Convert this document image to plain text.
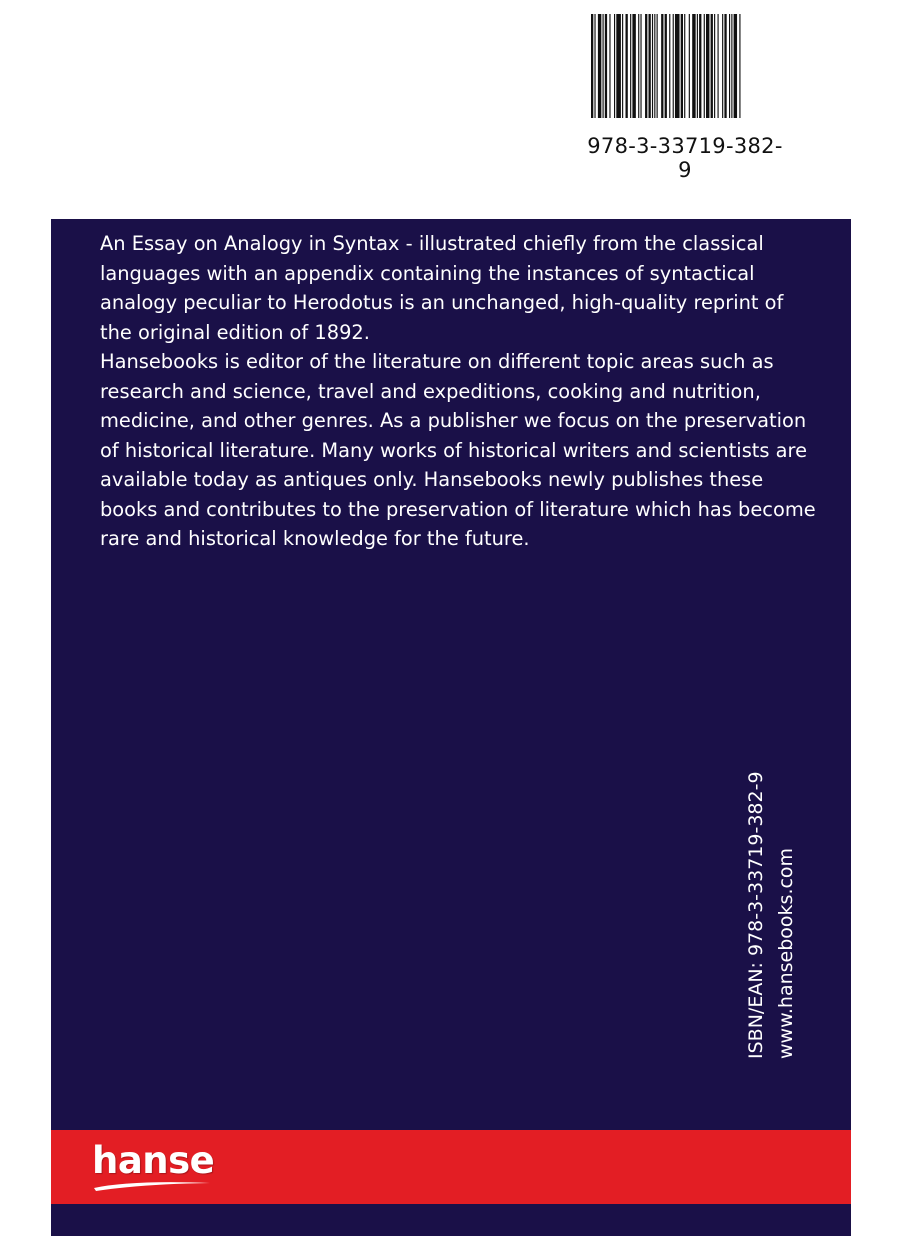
978-3-33719-382-9

An Essay on Analogy in Syntax - illustrated chiefly from the classical languages with an appendix containing the instances of syntactical analogy peculiar to Herodotus is an unchanged, high-quality reprint of the original edition of 1892.

Hansebooks is editor of the literature on different topic areas such as research and science, travel and expeditions, cooking and nutrition, medicine, and other genres. As a publisher we focus on the preservation of historical literature. Many works of historical writers and scientists are available today as antiques only. Hansebooks newly publishes these books and contributes to the preservation of literature which has become rare and historical knowledge for the future.

ISBN/EAN: 978-3-33719-382-9 www.hansebooks.com
hanse
